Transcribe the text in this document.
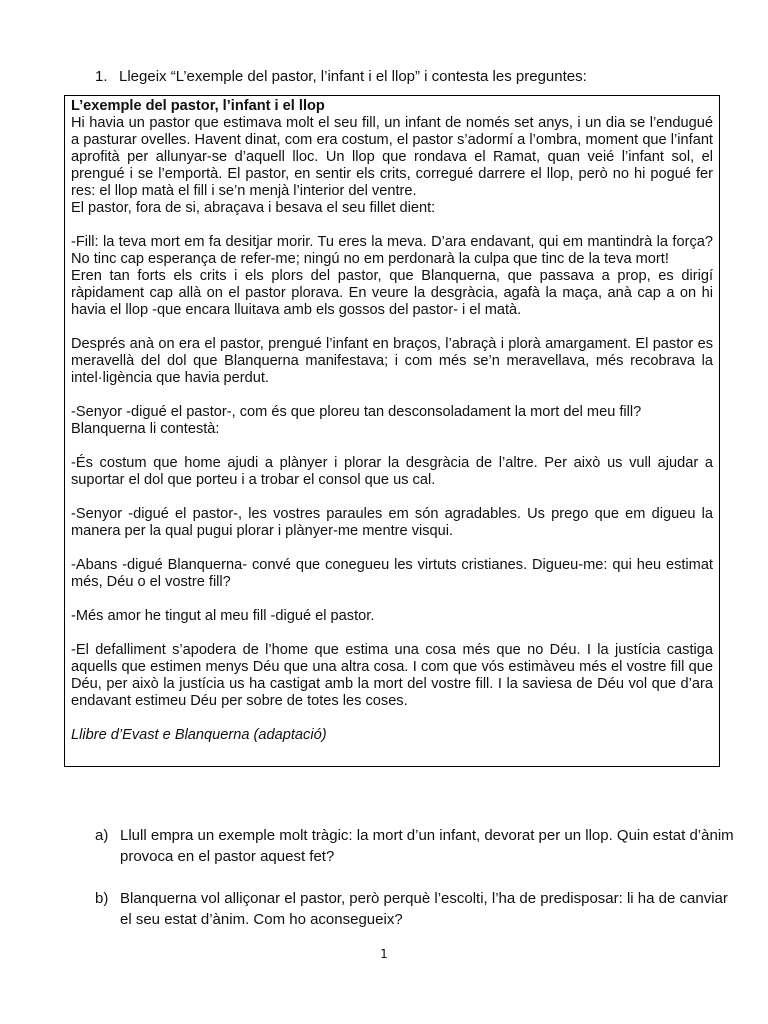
1. Llegeix “L’exemple del pastor, l’infant i el llop” i contesta les preguntes:

L’exemple del pastor, l’infant i el llop

Hi havia un pastor que estimava molt el seu fill, un infant de només set anys, i un dia se l’endugué a pasturar ovelles. Havent dinat, com era costum, el pastor s’adormí a l’ombra, moment que l’infant aprofità per allunyar-se d’aquell lloc. Un llop que rondava el Ramat, quan veié l’infant sol, el prengué i se l’emportà. El pastor, en sentir els crits, corregué darrere el llop, però no hi pogué fer res: el llop matà el fill i se’n menjà l’interior del ventre.

El pastor, fora de si, abraçava i besava el seu fillet dient:

-Fill: la teva mort em fa desitjar morir. Tu eres la meva. D’ara endavant, qui em mantindrà la força? No tinc cap esperança de refer-me; ningú no em perdonarà la culpa que tinc de la teva mort!

Eren tan forts els crits i els plors del pastor, que Blanquerna, que passava a prop, es dirigí ràpidament cap allà on el pastor plorava. En veure la desgràcia, agafà la maça, anà cap a on hi havia el llop -que encara lluitava amb els gossos del pastor- i el matà.

Després anà on era el pastor, prengué l’infant en braços, l’abraçà i plorà amargament. El pastor es meravellà del dol que Blanquerna manifestava; i com més se’n meravellava, més recobrava la intel·ligència que havia perdut.

-Senyor -digué el pastor-, com és que ploreu tan desconsoladament la mort del meu fill?

Blanquerna li contestà:

-És costum que home ajudi a plànyer i plorar la desgràcia de l’altre. Per això us vull ajudar a suportar el dol que porteu i a trobar el consol que us cal.

-Senyor -digué el pastor-, les vostres paraules em són agradables. Us prego que em digueu la manera per la qual pugui plorar i plànyer-me mentre visqui.

-Abans -digué Blanquerna- convé que conegueu les virtuts cristianes. Digueu-me: qui heu estimat més, Déu o el vostre fill?

-Més amor he tingut al meu fill -digué el pastor.

-El defalliment s’apodera de l’home que estima una cosa més que no Déu. I la justícia castiga aquells que estimen menys Déu que una altra cosa. I com que vós estimàveu més el vostre fill que Déu, per això la justícia us ha castigat amb la mort del vostre fill. I la saviesa de Déu vol que d’ara endavant estimeu Déu per sobre de totes les coses.

Llibre d’Evast e Blanquerna (adaptació)

a) Llull empra un exemple molt tràgic: la mort d’un infant, devorat per un llop. Quin estat d’ànim provoca en el pastor aquest fet?
b) Blanquerna vol alliçonar el pastor, però perquè l’escolti, l’ha de predisposar: li ha de canviar el seu estat d’ànim. Com ho aconsegueix?
1
